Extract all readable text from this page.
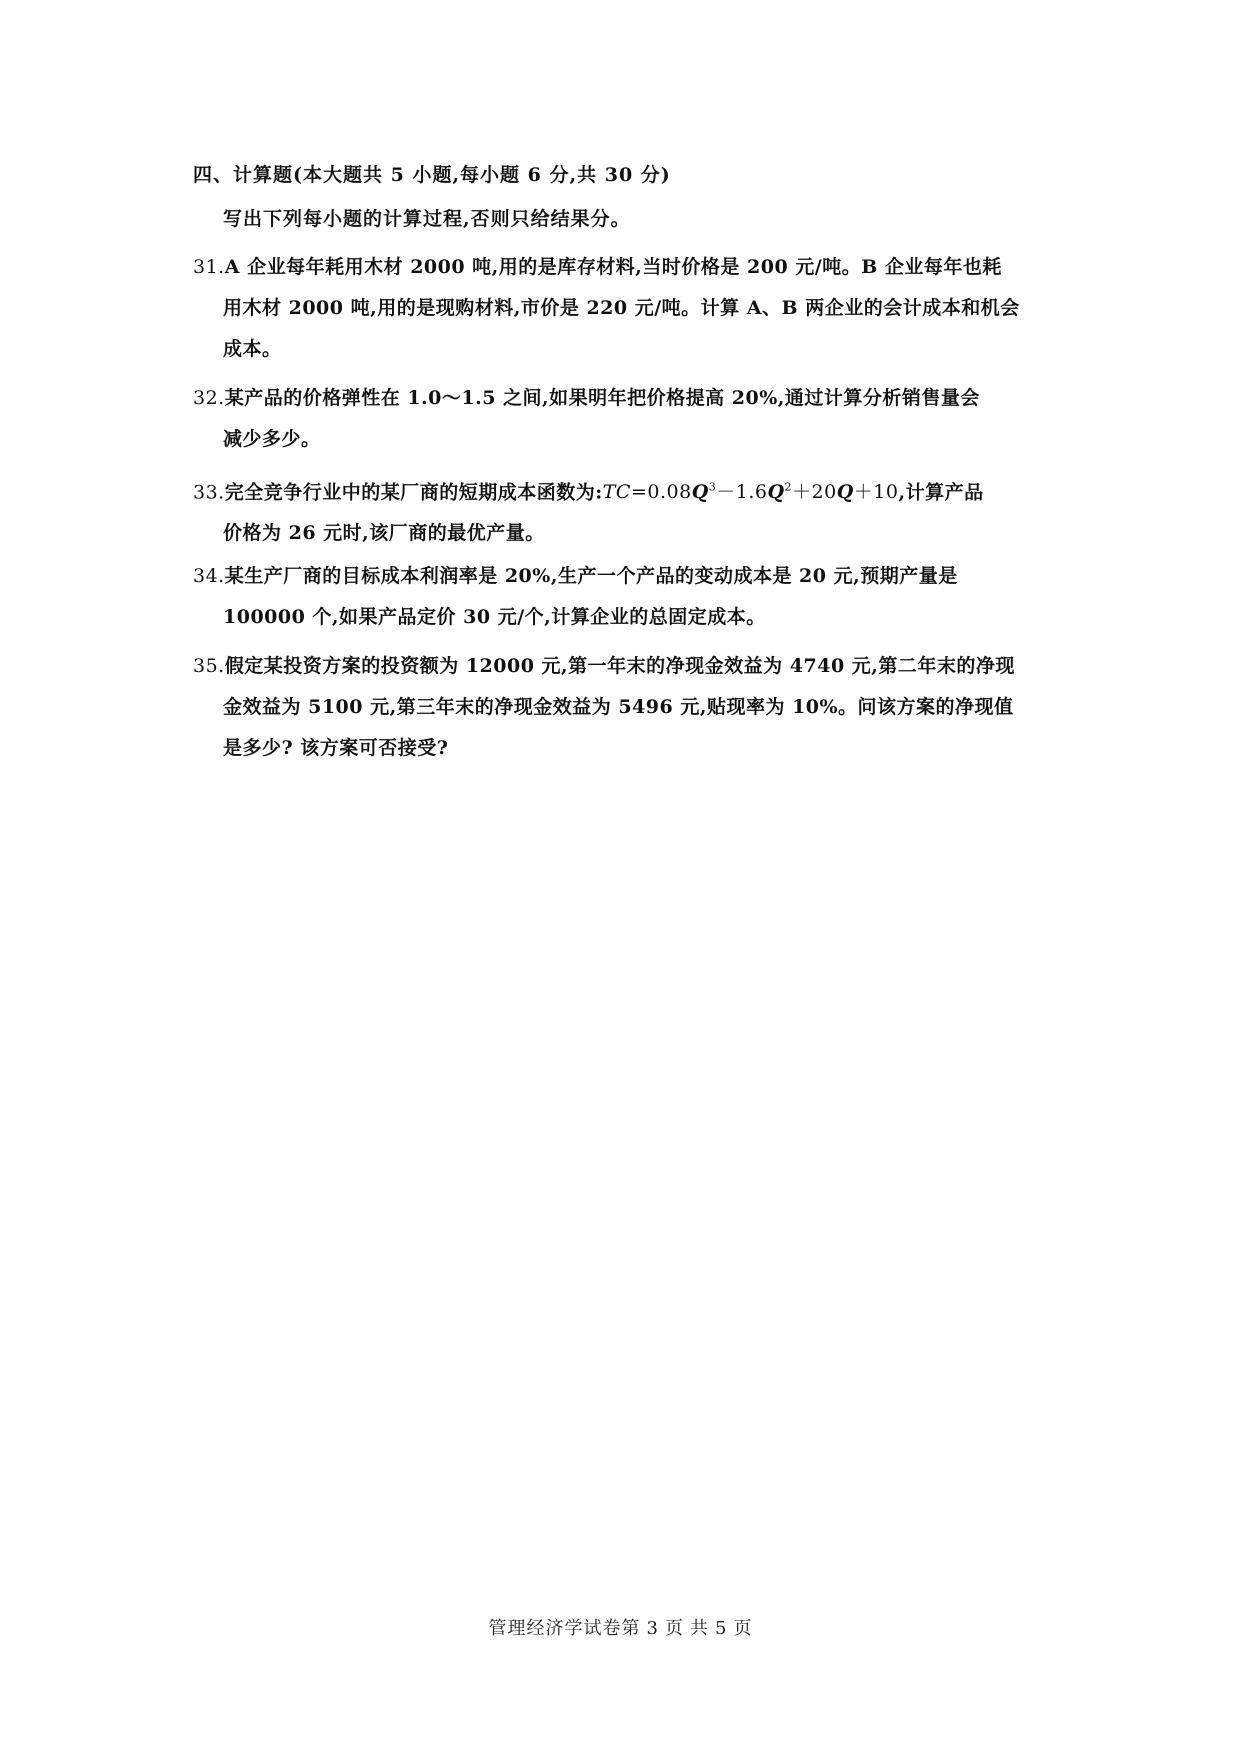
四、计算题(本大题共 5 小题,每小题 6 分,共 30 分)
写出下列每小题的计算过程,否则只给结果分。
31.A 企业每年耗用木材 2000 吨,用的是库存材料,当时价格是 200 元/吨。B 企业每年也耗
用木材 2000 吨,用的是现购材料,市价是 220 元/吨。计算 A、B 两企业的会计成本和机会
成本。
32.某产品的价格弹性在 1.0～1.5 之间,如果明年把价格提高 20%,通过计算分析销售量会
减少多少。
33.完全竞争行业中的某厂商的短期成本函数为$:TC=0.08Q^3-1.6Q^2+20Q+10$,计算产品
价格为 26 元时,该厂商的最优产量。
34.某生产厂商的目标成本利润率是 20%,生产一个产品的变动成本是 20 元,预期产量是
100000 个,如果产品定价 30 元/个,计算企业的总固定成本。
35.假定某投资方案的投资额为 12000 元,第一年末的净现金效益为 4740 元,第二年末的净现
金效益为 5100 元,第三年末的净现金效益为 5496 元,贴现率为 10%。问该方案的净现值
是多少? 该方案可否接受?
管理经济学试卷第 3 页 共 5 页
